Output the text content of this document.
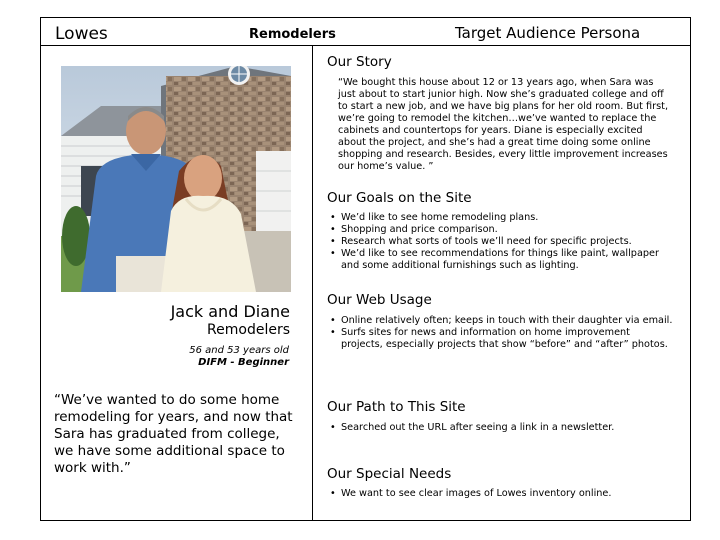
Lowes	Remodelers	Target Audience Persona
Jack and Diane
Remodelers
56 and 53 years old
DIFM - Beginner
“We’ve wanted to do some home remodeling for years, and now that Sara has graduated from college, we have some additional space to work with.”
Our Story
“We bought this house about 12 or 13 years ago, when Sara was just about to start junior high. Now she’s graduated college and off to start a new job, and we have big plans for her old room. But first, we’re going to remodel the kitchen…we’ve wanted to replace the cabinets and countertops for years. Diane is especially excited about the project, and she’s had a great time doing some online shopping and research. Besides, every little improvement increases our home’s value. ”
Our Goals on the Site
• We’d like to see home remodeling plans.
• Shopping and price comparison.
• Research what sorts of tools we’ll need for specific projects.
• We’d like to see recommendations for things like paint, wallpaper and some additional furnishings such as lighting.
Our Web Usage
• Online relatively often; keeps in touch with their daughter via email.
• Surfs sites for news and information on home improvement projects, especially projects that show “before” and “after” photos.
Our Path to This Site
• Searched out the URL after seeing a link in a newsletter.
Our Special Needs
• We want to see clear images of Lowes inventory online.
